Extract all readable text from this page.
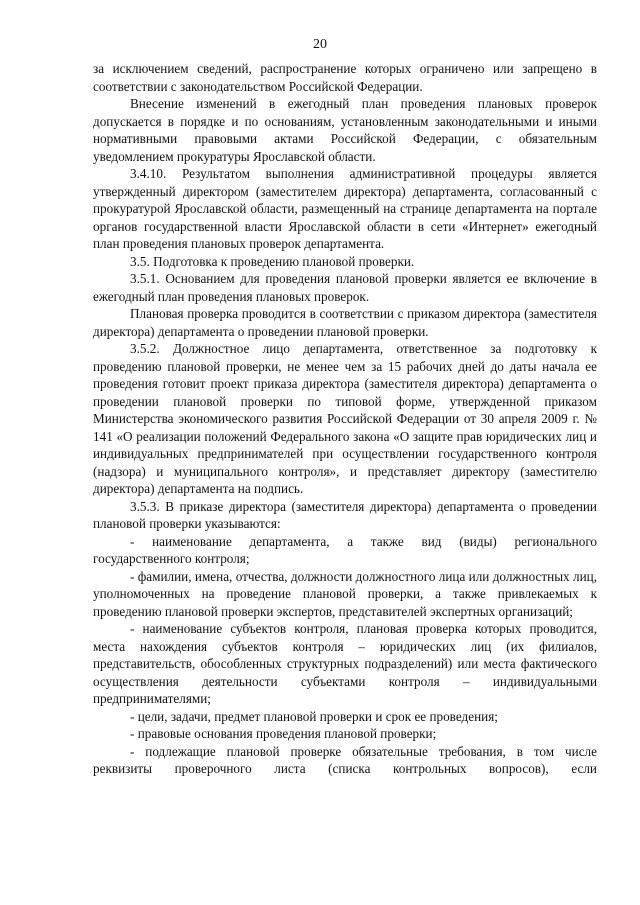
20

за исключением сведений, распространение которых ограничено или запрещено в соответствии с законодательством Российской Федерации.

Внесение изменений в ежегодный план проведения плановых проверок допускается в порядке и по основаниям, установленным законодательными и иными нормативными правовыми актами Российской Федерации, с обязательным уведомлением прокуратуры Ярославской области.

3.4.10. Результатом выполнения административной процедуры является утвержденный директором (заместителем директора) департамента, согласованный с прокуратурой Ярославской области, размещенный на странице департамента на портале органов государственной власти Ярославской области в сети «Интернет» ежегодный план проведения плановых проверок департамента.

3.5. Подготовка к проведению плановой проверки.

3.5.1. Основанием для проведения плановой проверки является ее включение в ежегодный план проведения плановых проверок.

Плановая проверка проводится в соответствии с приказом директора (заместителя директора) департамента о проведении плановой проверки.

3.5.2. Должностное лицо департамента, ответственное за подготовку к проведению плановой проверки, не менее чем за 15 рабочих дней до даты начала ее проведения готовит проект приказа директора (заместителя директора) департамента о проведении плановой проверки по типовой форме, утвержденной приказом Министерства экономического развития Российской Федерации от 30 апреля 2009 г. № 141 «О реализации положений Федерального закона «О защите прав юридических лиц и индивидуальных предпринимателей при осуществлении государственного контроля (надзора) и муниципального контроля», и представляет директору (заместителю директора) департамента на подпись.

3.5.3. В приказе директора (заместителя директора) департамента о проведении плановой проверки указываются:

- наименование департамента, а также вид (виды) регионального государственного контроля;

- фамилии, имена, отчества, должности должностного лица или должностных лиц, уполномоченных на проведение плановой проверки, а также привлекаемых к проведению плановой проверки экспертов, представителей экспертных организаций;

- наименование субъектов контроля, плановая проверка которых проводится, места нахождения субъектов контроля – юридических лиц (их филиалов, представительств, обособленных структурных подразделений) или места фактического осуществления деятельности субъектами контроля – индивидуальными предпринимателями;

- цели, задачи, предмет плановой проверки и срок ее проведения;

- правовые основания проведения плановой проверки;

- подлежащие плановой проверке обязательные требования, в том числе реквизиты проверочного листа (списка контрольных вопросов), если
